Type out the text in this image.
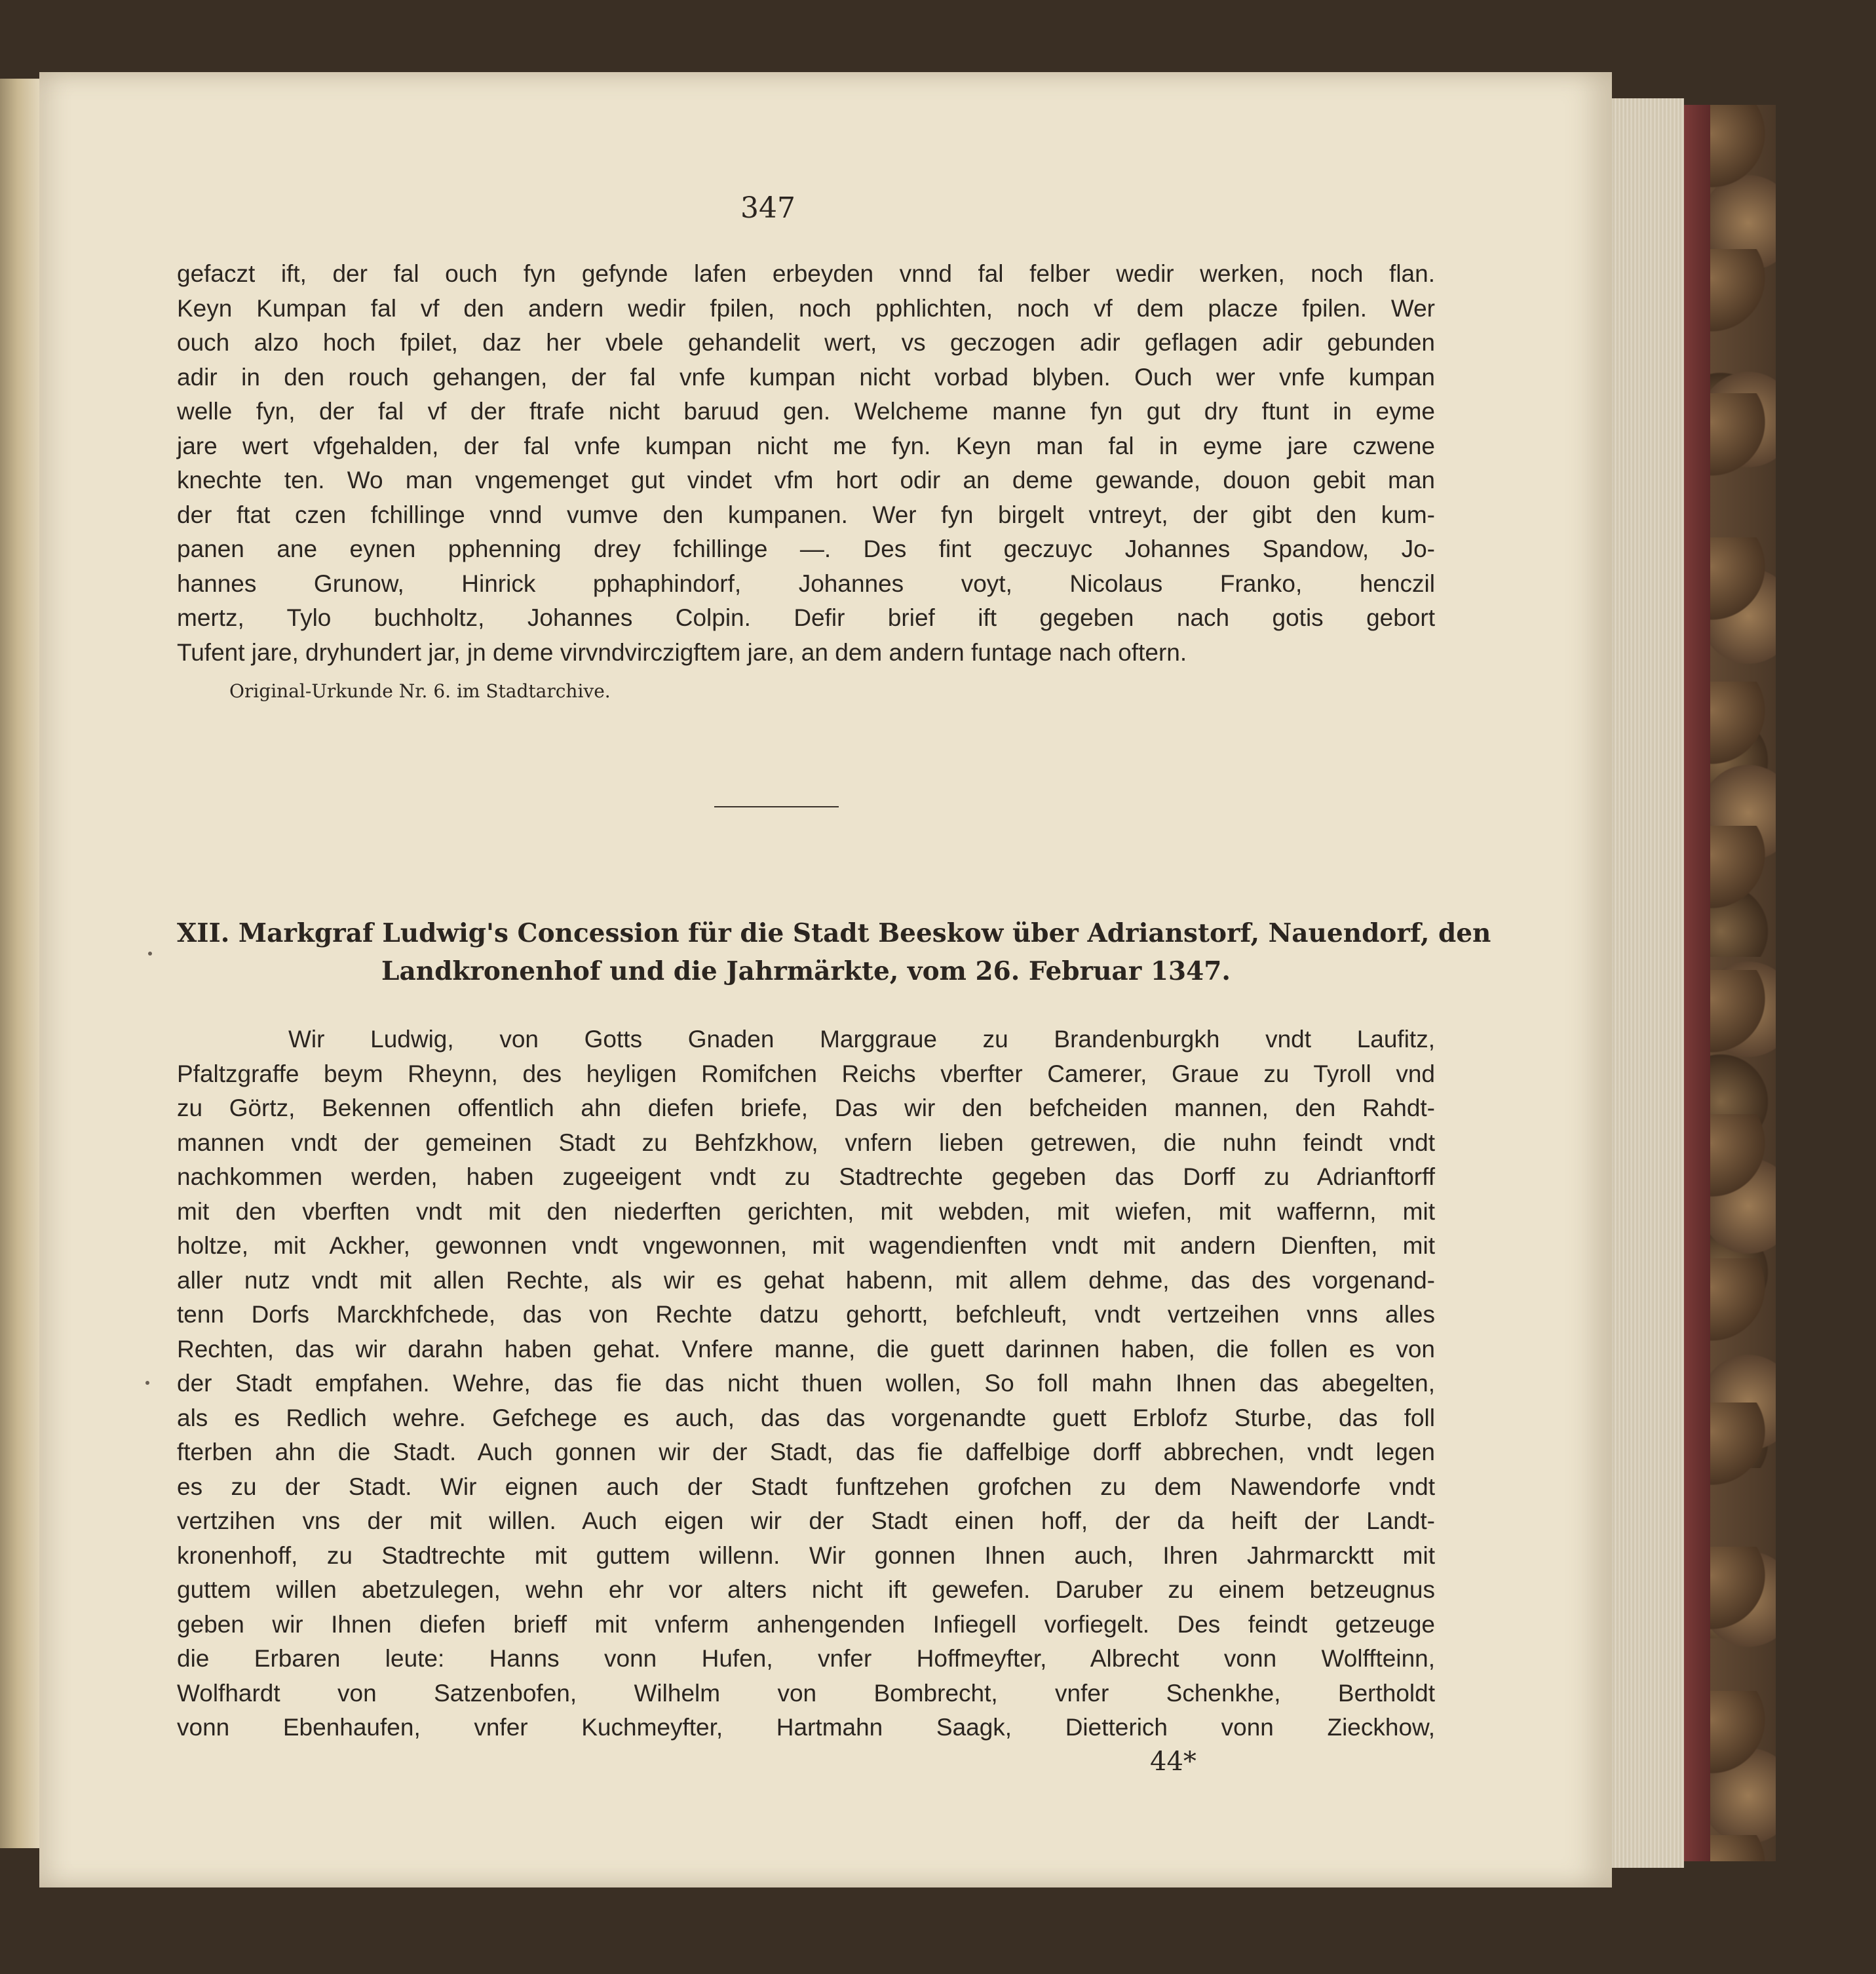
347
gefaczt ift, der fal ouch fyn gefynde lafen erbeyden vnnd fal felber wedir werken, noch flan.
Keyn Kumpan fal vf den andern wedir fpilen, noch pphlichten, noch vf dem placze fpilen. Wer
ouch alzo hoch fpilet, daz her vbele gehandelit wert, vs geczogen adir geflagen adir gebunden
adir in den rouch gehangen, der fal vnfe kumpan nicht vorbad blyben. Ouch wer vnfe kumpan
welle fyn, der fal vf der ftrafe nicht baruud gen. Welcheme manne fyn gut dry ftunt in eyme
jare wert vfgehalden, der fal vnfe kumpan nicht me fyn. Keyn man fal in eyme jare czwene
knechte ten. Wo man vngemenget gut vindet vfm hort odir an deme gewande, douon gebit man
der ftat czen fchillinge vnnd vumve den kumpanen. Wer fyn birgelt vntreyt, der gibt den kum-
panen ane eynen pphenning drey fchillinge —. Des fint geczuyc Johannes Spandow, Jo-
hannes Grunow, Hinrick pphaphindorf, Johannes voyt, Nicolaus Franko, henczil
mertz, Tylo buchholtz, Johannes Colpin. Defir brief ift gegeben nach gotis gebort
Tufent jare, dryhundert jar, jn deme virvndvirczigftem jare, an dem andern funtage nach oftern.
Original-Urkunde Nr. 6. im Stadtarchive.
XII. Markgraf Ludwig's Concession für die Stadt Beeskow über Adrianstorf, Nauendorf, den
Landkronenhof und die Jahrmärkte, vom 26. Februar 1347.
Wir Ludwig, von Gotts Gnaden Marggraue zu Brandenburgkh vndt Laufitz,
Pfaltzgraffe beym Rheynn, des heyligen Romifchen Reichs vberfter Camerer, Graue zu Tyroll vnd
zu Görtz, Bekennen offentlich ahn diefen briefe, Das wir den befcheiden mannen, den Rahdt-
mannen vndt der gemeinen Stadt zu Behfzkhow, vnfern lieben getrewen, die nuhn feindt vndt
nachkommen werden, haben zugeeigent vndt zu Stadtrechte gegeben das Dorff zu Adrianftorff
mit den vberften vndt mit den niederften gerichten, mit webden, mit wiefen, mit waffernn, mit
holtze, mit Ackher, gewonnen vndt vngewonnen, mit wagendienften vndt mit andern Dienften, mit
aller nutz vndt mit allen Rechte, als wir es gehat habenn, mit allem dehme, das des vorgenand-
tenn Dorfs Marckhfchede, das von Rechte datzu gehortt, befchleuft, vndt vertzeihen vnns alles
Rechten, das wir darahn haben gehat. Vnfere manne, die guett darinnen haben, die follen es von
der Stadt empfahen. Wehre, das fie das nicht thuen wollen, So foll mahn Ihnen das abegelten,
als es Redlich wehre. Gefchege es auch, das das vorgenandte guett Erblofz Sturbe, das foll
fterben ahn die Stadt. Auch gonnen wir der Stadt, das fie daffelbige dorff abbrechen, vndt legen
es zu der Stadt. Wir eignen auch der Stadt funftzehen grofchen zu dem Nawendorfe vndt
vertzihen vns der mit willen. Auch eigen wir der Stadt einen hoff, der da heift der Landt-
kronenhoff, zu Stadtrechte mit guttem willenn. Wir gonnen Ihnen auch, Ihren Jahrmarcktt mit
guttem willen abetzulegen, wehn ehr vor alters nicht ift gewefen. Daruber zu einem betzeugnus
geben wir Ihnen diefen brieff mit vnferm anhengenden Infiegell vorfiegelt. Des feindt getzeuge
die Erbaren leute: Hanns vonn Hufen, vnfer Hoffmeyfter, Albrecht vonn Wolffteinn,
Wolfhardt von Satzenbofen, Wilhelm von Bombrecht, vnfer Schenkhe, Bertholdt
vonn Ebenhaufen, vnfer Kuchmeyfter, Hartmahn Saagk, Dietterich vonn Zieckhow,
44*
